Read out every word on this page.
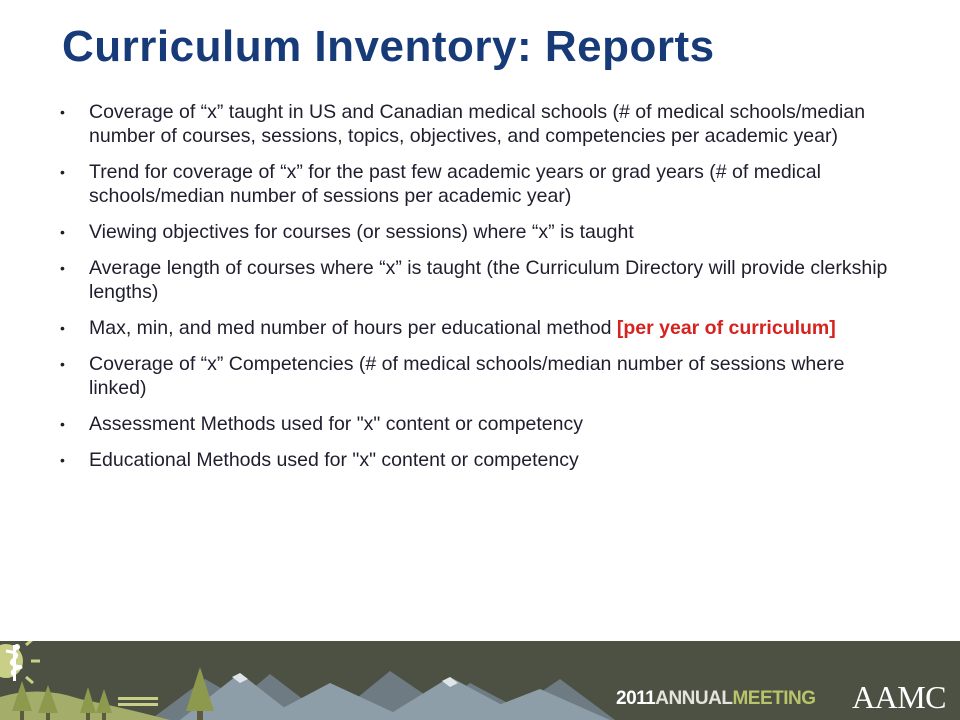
Curriculum Inventory: Reports
• Coverage of “x” taught in US and Canadian medical schools (# of medical schools/median number of courses, sessions, topics, objectives, and competencies per academic year)
• Trend for coverage of “x” for the past few academic years or grad years (# of medical schools/median number of sessions per academic year)
• Viewing objectives for courses (or sessions) where “x” is taught
• Average length of courses where “x” is taught (the Curriculum Directory will provide clerkship lengths)
• Max, min, and med number of hours per educational method [per year of curriculum]
• Coverage of “x” Competencies (# of medical schools/median number of sessions where linked)
• Assessment Methods used for "x" content or competency
• Educational Methods used for "x" content or competency
2011ANNUALMEETING AAMC
